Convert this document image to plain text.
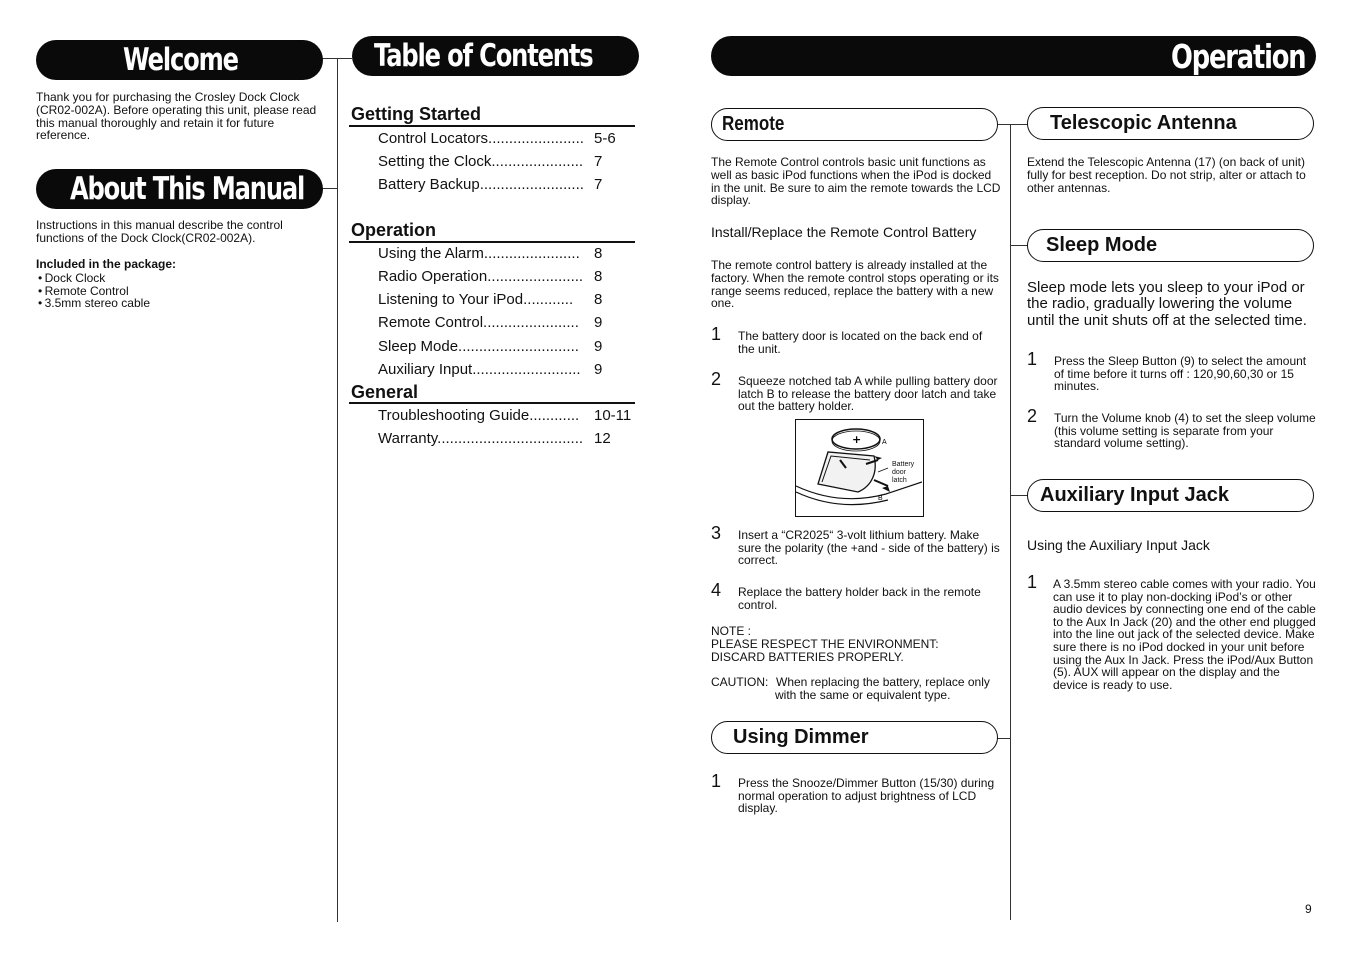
Welcome
Thank you for purchasing the Crosley Dock Clock (CR02-002A). Before operating this unit, please read this manual thoroughly and retain it for future reference.
About This Manual
Instructions in this manual describe the control functions of the Dock Clock(CR02-002A).
Included in the package:
• Dock Clock
• Remote Control
• 3.5mm stereo cable
Table of Contents
Getting Started
Control Locators....................... 5-6
Setting the Clock...................... 7
Battery Backup......................... 7
Operation
Using the Alarm....................... 8
Radio Operation....................... 8
Listening to Your iPod............ 8
Remote Control....................... 9
Sleep Mode............................. 9
Auxiliary Input.......................... 9
General
Troubleshooting Guide............ 10-11
Warranty................................... 12
Operation
Remote
The Remote Control controls basic unit functions as well as basic iPod functions when the iPod is docked in the unit. Be sure to aim the remote towards the LCD display.
Install/Replace the Remote Control Battery
The remote control battery is already installed at the factory. When the remote control stops operating or its range seems reduced, replace the battery with a new one.
1 The battery door is located on the back end of the unit.
2 Squeeze notched tab A while pulling battery door latch B to release the battery door latch and take out the battery holder.
+	A
B
Battery door latch
3 Insert a “CR2025“ 3-volt lithium battery. Make sure the polarity (the +and - side of the battery) is correct.
4 Replace the battery holder back in the remote control.
NOTE :
PLEASE RESPECT THE ENVIRONMENT: DISCARD BATTERIES PROPERLY.
CAUTION: When replacing the battery, replace only with the same or equivalent type.
Using Dimmer
1 Press the Snooze/Dimmer Button (15/30) during normal operation to adjust brightness of LCD display.
Telescopic Antenna
Extend the Telescopic Antenna (17) (on back of unit) fully for best reception. Do not strip, alter or attach to other antennas.
Sleep Mode
Sleep mode lets you sleep to your iPod or the radio, gradually lowering the volume until the unit shuts off at the selected time.
1 Press the Sleep Button (9) to select the amount of time before it turns off : 120,90,60,30 or 15 minutes.
2 Turn the Volume knob (4) to set the sleep volume (this volume setting is separate from your standard volume setting).
Auxiliary Input Jack
Using the Auxiliary Input Jack
1 A 3.5mm stereo cable comes with your radio. You can use it to play non-docking iPod’s or other audio devices by connecting one end of the cable to the Aux In Jack (20) and the other end plugged into the line out jack of the selected device. Make sure there is no iPod docked in your unit before using the Aux In Jack. Press the iPod/Aux Button (5). AUX will appear on the display and the device is ready to use.
9
